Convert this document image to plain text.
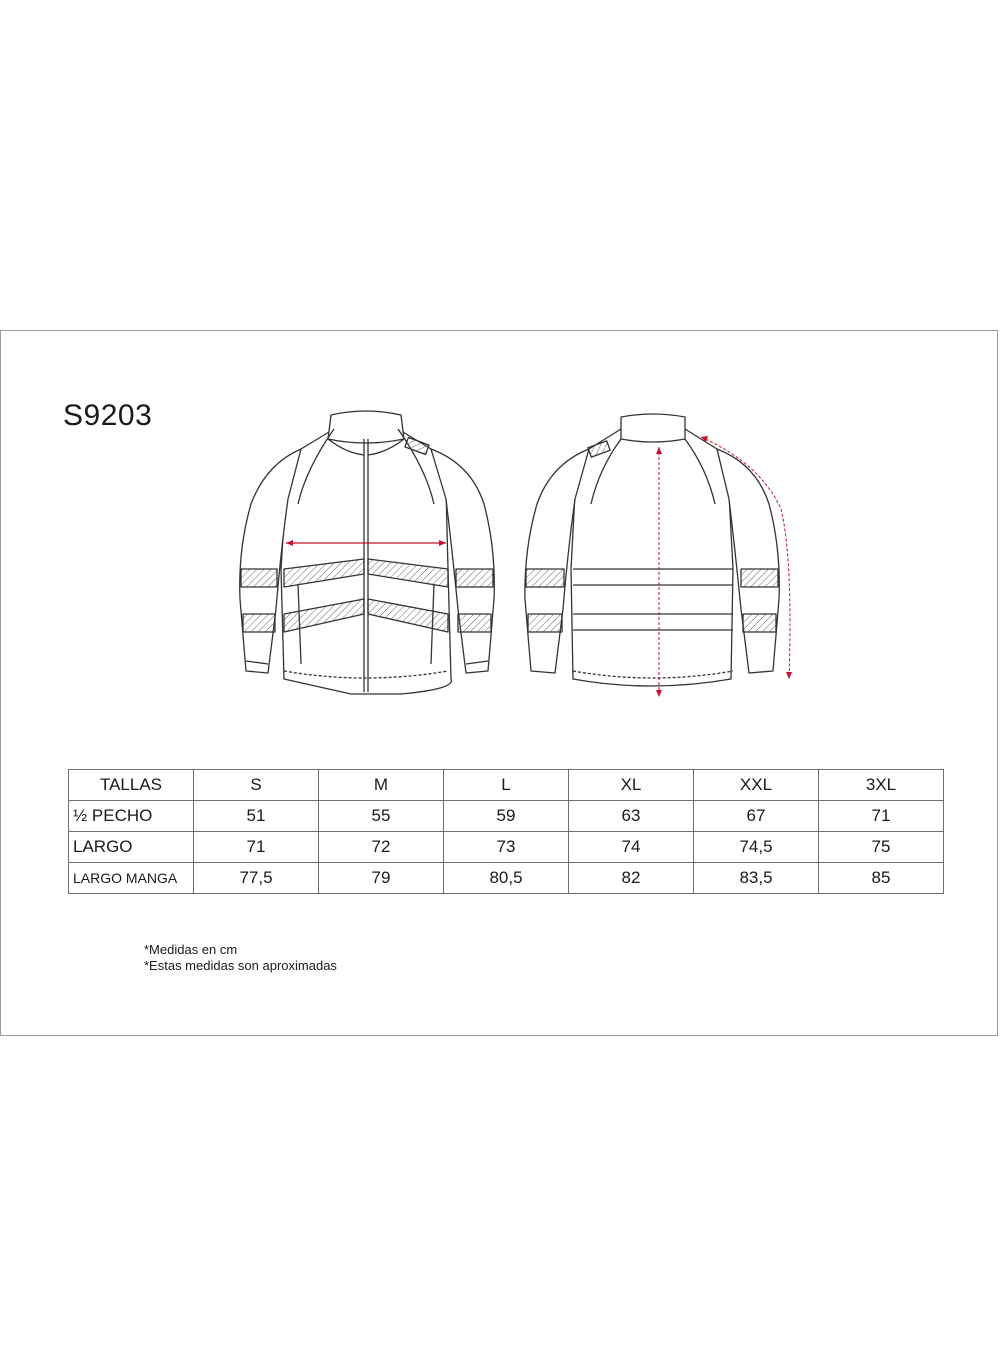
S9203
TALLAS	S	M	L	XL	XXL	3XL
½ PECHO	51	55	59	63	67	71
LARGO	71	72	73	74	74,5	75
LARGO MANGA	77,5	79	80,5	82	83,5	85
*Medidas en cm
*Estas medidas son aproximadas
